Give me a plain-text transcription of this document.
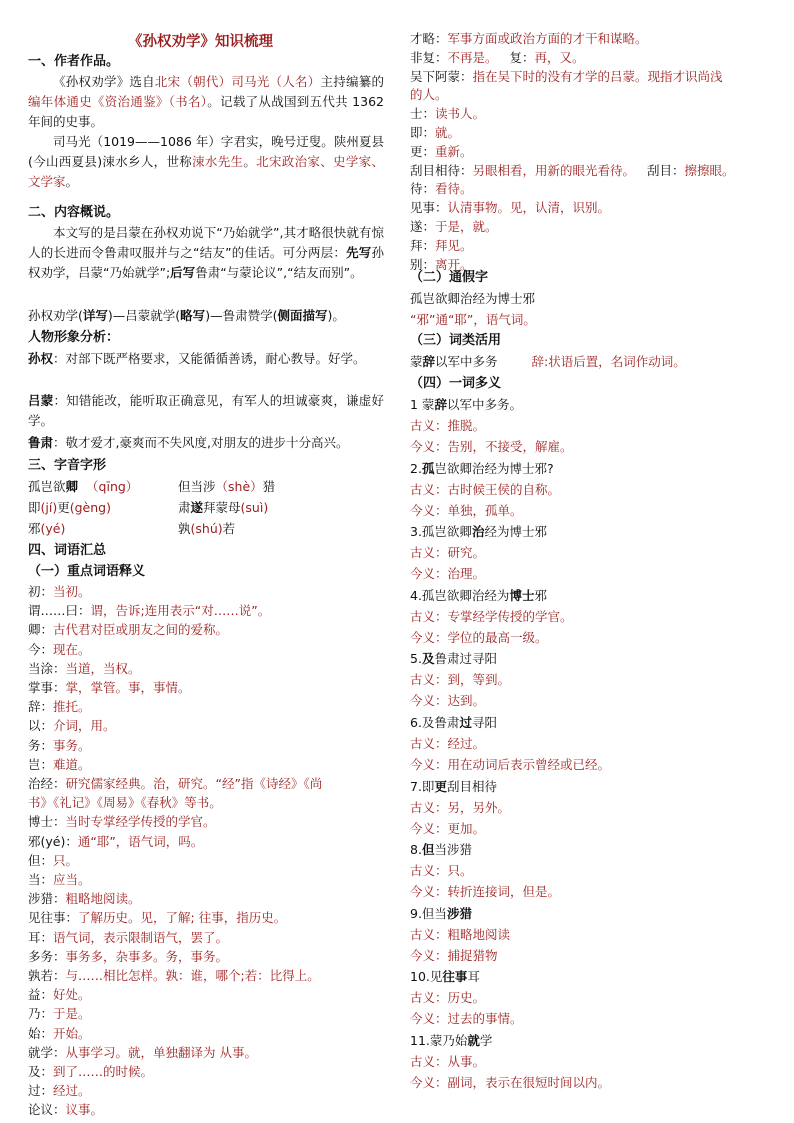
《孙权劝学》知识梳理
一、作者作品。
《孙权劝学》选自北宋（朝代）司马光（人名）主持编纂的编年体通史《资治通鉴》（书名）。记载了从战国到五代共 1362 年间的史事。
司马光（1019——1086 年）字君实，晚号迂叟。陕州夏县(今山西夏县)涑水乡人，世称涑水先生。北宋政治家、史学家、文学家。
二、内容概说。
本文写的是吕蒙在孙权劝说下“乃始就学”,其才略很快就有惊人的长进而令鲁肃叹服并与之“结友”的佳话。可分两层：先写孙权劝学，吕蒙“乃始就学”;后写鲁肃“与蒙论议”,“结友而别”。
孙权劝学(详写)—吕蒙就学(略写)—鲁肃赞学(侧面描写)。
人物形象分析：
孙权：对部下既严格要求，又能循循善诱，耐心教导。好学。
吕蒙：知错能改，能听取正确意见，有军人的坦诚豪爽，谦虚好学。
鲁肃：敬才爱才,豪爽而不失风度,对朋友的进步十分高兴。
三、字音字形
孤岂欲卿 （qīng）	但当涉（shè）猎
即(jí)更(gèng)	肃遂拜蒙母(suì)
邪(yé)	孰(shú)若
四、词语汇总
（一）重点词语释义
初：当初。
谓……曰：谓，告诉;连用表示“对……说”。
卿：古代君对臣或朋友之间的爱称。
今：现在。
当涂：当道，当权。
掌事：掌，掌管。事，事情。
辞：推托。
以：介词，用。
务：事务。
岂：难道。
治经：研究儒家经典。治，研究。“经”指《诗经》《尚
书》《礼记》《周易》《春秋》等书。
博士：当时专掌经学传授的学官。
邪(yé)：通“耶”，语气词，吗。
但：只。
当：应当。
涉猎：粗略地阅读。
见往事：了解历史。见，了解; 往事，指历史。
耳：语气词，表示限制语气，罢了。
多务：事务多，杂事多。务，事务。
孰若：与……相比怎样。孰：谁，哪个;若：比得上。
益：好处。
乃：于是。
始：开始。
就学：从事学习。就，单独翻译为 从事。
及：到了……的时候。
过：经过。
论议：议事。
才略：军事方面或政治方面的才干和谋略。
非复：不再是。 复：再，又。
吴下阿蒙：指在吴下时的没有才学的吕蒙。现指才识尚浅
的人。
士：读书人。
即：就。
更：重新。
刮目相待：另眼相看，用新的眼光看待。 刮目：擦擦眼。
待：看待。
见事：认清事物。见，认清，识别。
遂：于是，就。
拜：拜见。
别：离开。
（二）通假字
孤岂欲卿治经为博士邪
“邪”通“耶”，语气词。
（三）词类活用
蒙辞以军中多务	辞:状语后置，名词作动词。
（四）一词多义
1 蒙辞以军中多务。
古义：推脱。
今义：告别，不接受，解雇。
2.孤岂欲卿治经为博士邪?
古义：古时候王侯的自称。
今义：单独，孤单。
3.孤岂欲卿治经为博士邪
古义：研究。
今义：治理。
4.孤岂欲卿治经为博士邪
古义：专掌经学传授的学官。
今义：学位的最高一级。
5.及鲁肃过寻阳
古义：到，等到。
今义：达到。
6.及鲁肃过寻阳
古义：经过。
今义：用在动词后表示曾经或已经。
7.即更刮目相待
古义：另，另外。
今义：更加。
8.但当涉猎
古义：只。
今义：转折连接词，但是。
9.但当涉猎
古义：粗略地阅读
今义：捕捉猎物
10.见往事耳
古义：历史。
今义：过去的事情。
11.蒙乃始就学
古义：从事。
今义：副词，表示在很短时间以内。
